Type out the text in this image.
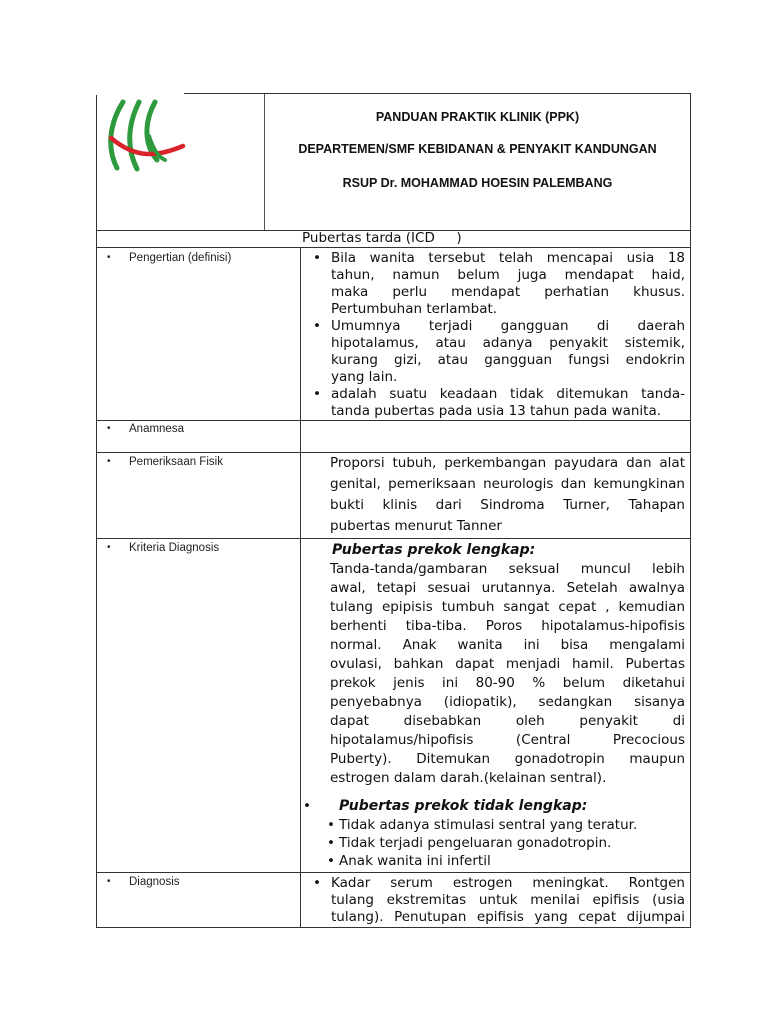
PANDUAN PRAKTIK KLINIK (PPK)
DEPARTEMEN/SMF KEBIDANAN & PENYAKIT KANDUNGAN
RSUP Dr. MOHAMMAD HOESIN PALEMBANG
Pubertas tarda (ICD     )
• Pengertian (definisi)	• Bila wanita tersebut telah mencapai usia 18
tahun, namun belum juga mendapat haid,
maka perlu mendapat perhatian khusus.
Pertumbuhan terlambat.
• Umumnya terjadi gangguan di daerah
hipotalamus, atau adanya penyakit sistemik,
kurang gizi, atau gangguan fungsi endokrin
yang lain.
• adalah suatu keadaan tidak ditemukan tanda-
tanda pubertas pada usia 13 tahun pada wanita.
• Anamnesa
• Pemeriksaan Fisik	Proporsi tubuh, perkembangan payudara dan alat
genital, pemeriksaan neurologis dan kemungkinan
bukti klinis dari Sindroma Turner, Tahapan
pubertas menurut Tanner
• Kriteria Diagnosis	Pubertas prekok lengkap:
Tanda-tanda/gambaran seksual muncul lebih
awal, tetapi sesuai urutannya. Setelah awalnya
tulang epipisis tumbuh sangat cepat , kemudian
berhenti tiba-tiba. Poros hipotalamus-hipofisis
normal. Anak wanita ini bisa mengalami
ovulasi, bahkan dapat menjadi hamil. Pubertas
prekok jenis ini 80-90 % belum diketahui
penyebabnya (idiopatik), sedangkan sisanya
dapat disebabkan oleh penyakit di
hipotalamus/hipofisis (Central Precocious
Puberty). Ditemukan gonadotropin maupun
estrogen dalam darah.(kelainan sentral).
• Pubertas prekok tidak lengkap:
• Tidak adanya stimulasi sentral yang teratur.
• Tidak terjadi pengeluaran gonadotropin.
• Anak wanita ini infertil
• Diagnosis	• Kadar serum estrogen meningkat. Rontgen
tulang ekstremitas untuk menilai epifisis (usia
tulang). Penutupan epifisis yang cepat dijumpai
